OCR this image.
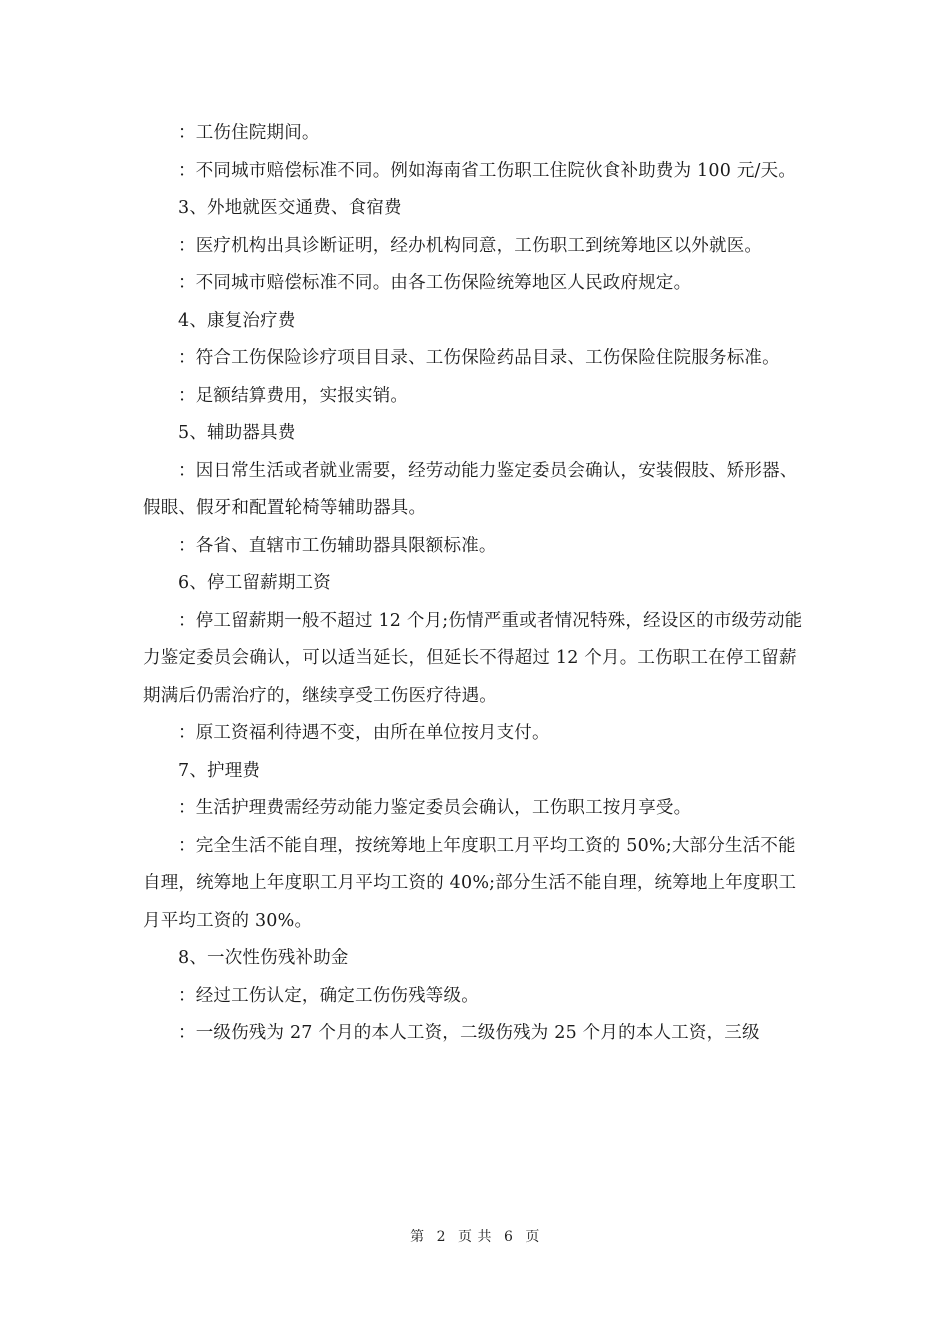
：工伤住院期间。

：不同城市赔偿标准不同。例如海南省工伤职工住院伙食补助费为 100 元/天。

3、外地就医交通费、食宿费

：医疗机构出具诊断证明，经办机构同意，工伤职工到统筹地区以外就医。

：不同城市赔偿标准不同。由各工伤保险统筹地区人民政府规定。

4、康复治疗费

：符合工伤保险诊疗项目目录、工伤保险药品目录、工伤保险住院服务标准。

：足额结算费用，实报实销。

5、辅助器具费

：因日常生活或者就业需要，经劳动能力鉴定委员会确认，安装假肢、矫形器、假眼、假牙和配置轮椅等辅助器具。

：各省、直辖市工伤辅助器具限额标准。

6、停工留薪期工资

：停工留薪期一般不超过 12 个月;伤情严重或者情况特殊，经设区的市级劳动能力鉴定委员会确认，可以适当延长，但延长不得超过 12 个月。工伤职工在停工留薪期满后仍需治疗的，继续享受工伤医疗待遇。

：原工资福利待遇不变，由所在单位按月支付。

7、护理费

：生活护理费需经劳动能力鉴定委员会确认，工伤职工按月享受。

：完全生活不能自理，按统筹地上年度职工月平均工资的 50%;大部分生活不能自理，统筹地上年度职工月平均工资的 40%;部分生活不能自理，统筹地上年度职工月平均工资的 30%。

8、一次性伤残补助金

：经过工伤认定，确定工伤伤残等级。

：一级伤残为 27 个月的本人工资，二级伤残为 25 个月的本人工资，三级

第 2 页 共 6 页
